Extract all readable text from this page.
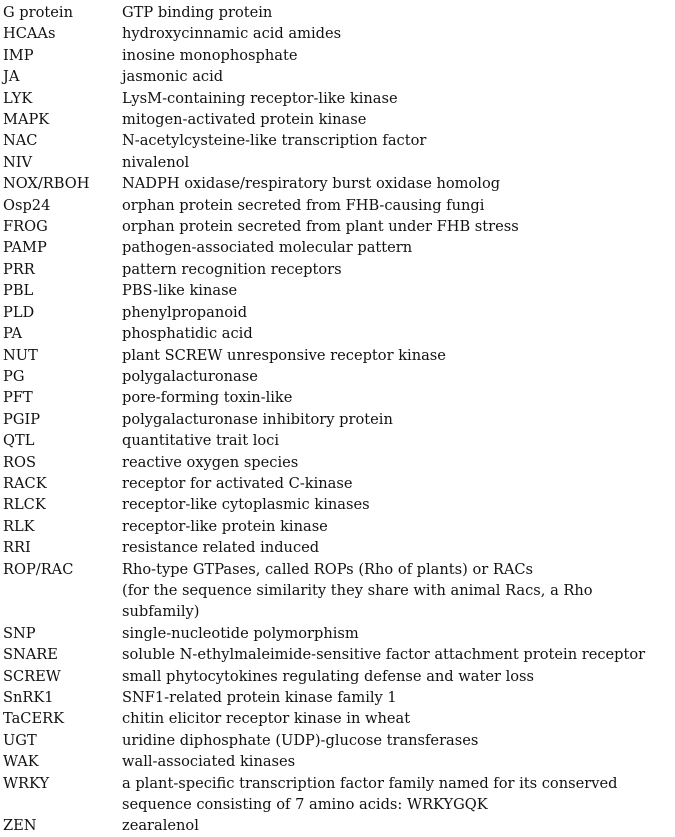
G protein	GTP binding protein
HCAAs	hydroxycinnamic acid amides
IMP	inosine monophosphate
JA	jasmonic acid
LYK	LysM-containing receptor-like kinase
MAPK	mitogen-activated protein kinase
NAC	N-acetylcysteine-like transcription factor
NIV	nivalenol
NOX/RBOH	NADPH oxidase/respiratory burst oxidase homolog
Osp24	orphan protein secreted from FHB-causing fungi
FROG	orphan protein secreted from plant under FHB stress
PAMP	pathogen-associated molecular pattern
PRR	pattern recognition receptors
PBL	PBS-like kinase
PLD	phenylpropanoid
PA	phosphatidic acid
NUT	plant SCREW unresponsive receptor kinase
PG	polygalacturonase
PFT	pore-forming toxin-like
PGIP	polygalacturonase inhibitory protein
QTL	quantitative trait loci
ROS	reactive oxygen species
RACK	receptor for activated C-kinase
RLCK	receptor-like cytoplasmic kinases
RLK	receptor-like protein kinase
RRI	resistance related induced
ROP/RAC	Rho-type GTPases, called ROPs (Rho of plants) or RACs
(for the sequence similarity they share with animal Racs, a Rho subfamily)
SNP	single-nucleotide polymorphism
SNARE	soluble N-ethylmaleimide-sensitive factor attachment protein receptor
SCREW	small phytocytokines regulating defense and water loss
SnRK1	SNF1-related protein kinase family 1
TaCERK	chitin elicitor receptor kinase in wheat
UGT	uridine diphosphate (UDP)-glucose transferases
WAK	wall-associated kinases
WRKY	a plant-specific transcription factor family named for its conserved
sequence consisting of 7 amino acids: WRKYGQK
ZEN	zearalenol
